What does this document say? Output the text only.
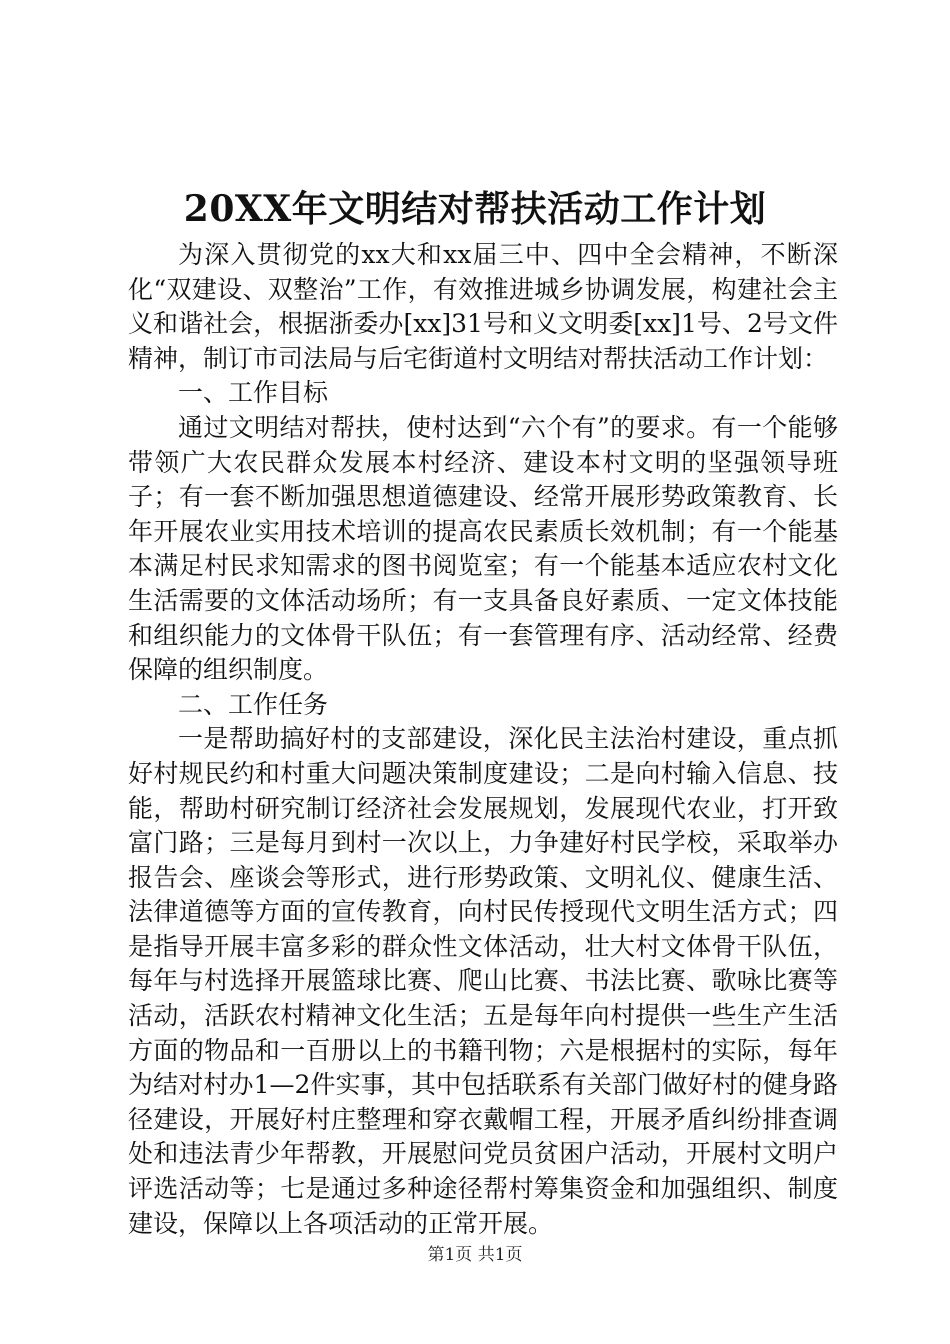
20XX年文明结对帮扶活动工作计划

为深入贯彻党的xx大和xx届三中、四中全会精神，不断深化“双建设、双整治”工作，有效推进城乡协调发展，构建社会主义和谐社会，根据浙委办[xx]31号和义文明委[xx]1号、2号文件精神，制订市司法局与后宅街道村文明结对帮扶活动工作计划：

一、工作目标

通过文明结对帮扶，使村达到“六个有”的要求。有一个能够带领广大农民群众发展本村经济、建设本村文明的坚强领导班子；有一套不断加强思想道德建设、经常开展形势政策教育、长年开展农业实用技术培训的提高农民素质长效机制；有一个能基本满足村民求知需求的图书阅览室；有一个能基本适应农村文化生活需要的文体活动场所；有一支具备良好素质、一定文体技能和组织能力的文体骨干队伍；有一套管理有序、活动经常、经费保障的组织制度。

二、工作任务

一是帮助搞好村的支部建设，深化民主法治村建设，重点抓好村规民约和村重大问题决策制度建设；二是向村输入信息、技能，帮助村研究制订经济社会发展规划，发展现代农业，打开致富门路；三是每月到村一次以上，力争建好村民学校，采取举办报告会、座谈会等形式，进行形势政策、文明礼仪、健康生活、法律道德等方面的宣传教育，向村民传授现代文明生活方式；四是指导开展丰富多彩的群众性文体活动，壮大村文体骨干队伍，每年与村选择开展篮球比赛、爬山比赛、书法比赛、歌咏比赛等活动，活跃农村精神文化生活；五是每年向村提供一些生产生活方面的物品和一百册以上的书籍刊物；六是根据村的实际，每年为结对村办1—2件实事，其中包括联系有关部门做好村的健身路径建设，开展好村庄整理和穿衣戴帽工程，开展矛盾纠纷排查调处和违法青少年帮教，开展慰问党员贫困户活动，开展村文明户评选活动等；七是通过多种途径帮村筹集资金和加强组织、制度建设，保障以上各项活动的正常开展。

第1页 共1页
